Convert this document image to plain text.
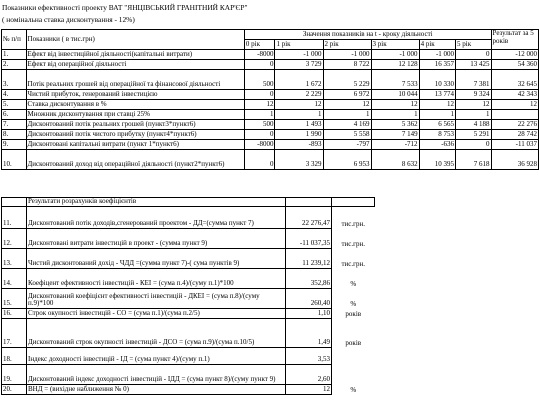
Показники ефективності проекту ВАТ "ЯНЦІВСЬКИЙ ГРАНІТНИЙ КАР'ЄР"
( номінальна ставка дисконтування - 12%)
№ п/п	Показники ( в тис.грн)	Значення показників на t - кроку діяльності						Результат за 5 років
		0 рік	1 рік	2 рік	3 рік	4 рік	5 рік	
1.	Ефект від інвестиційної діяльності(капітальні витрати)	-8000	-1 000	-1 000	-1 000	-1 000	0	-12 000
2.	Ефект від операційної діяльності	0	3 729	8 722	12 128	16 357	13 425	54 360
3.	Потік реальних грошей від операційної та фінансової діяльності	500	1 672	5 229	7 533	10 330	7 381	32 645
4.	Чистий прибуток, генерований інвестицією	0	2 229	6 972	10 044	13 774	9 324	42 343
5.	Ставка дисконтування в %	12	12	12	12	12	12	12
6.	Множник дисконтування при ставці 25%	1	1	1	1	1	1	
7.	Дисконтований потік реальних грошей (пункт3*пункт6)	500	1 493	4 169	5 362	6 565	4 188	22 276
8.	Дисконтований потік чистого прибутку (пункт4*пункт6)	0	1 990	5 558	7 149	8 753	5 291	28 742
9.	Дисконтовані капітальні витрати (пункт 1*пункт6)	-8000	-893	-797	-712	-636	0	-11 037
10.	Дисконтований доход від операційної діяльності (пункт2*пункт6)	0	3 329	6 953	8 632	10 395	7 618	36 928
	Результати розрахунків коефіцієнтів		
11.	Дисконтований потік доходів,сгенерований проектом - ДД=(сумма пункт 7)	22 276,47	тис.грн.
12.	Дисконтовані витрати інвестицій в проект - (сумма пункт 9)	-11 037,35	тис.грн.
13.	Чистий дисконтований дохід - ЧДД =(сумма пункт 7)-( сума пунктів 9)	11 239,12	тис.грн.
14.	Коефіцент ефективності інвестицій - КЕІ = (сума п.4)/(суму п.1)*100	352,86	%
15.	Дисконтований коефіцієнт ефективності інвестицій - ДКЕІ = (сума п.8)/(суму п.9)*100	260,40	%
16.	Строк окупності інвестицій - СО = (сума п.1)/(сума п.2/5)	1,10	років
17.	Дисконтований строк окупності інвестицій - ДСО = (сума п.9)/(сума п.10/5)	1,49	років
18.	Індекс доходності інвестицій - ІД = (сума пункт 4)/(суму п.1)	3,53	
19.	Дисконтований індекс доходності інвестицій - ІДД = (сума пункт 8)/(суму пункт 9)	2,60	
20.	ВНД = (вихідне наближення № 0)	12	%
